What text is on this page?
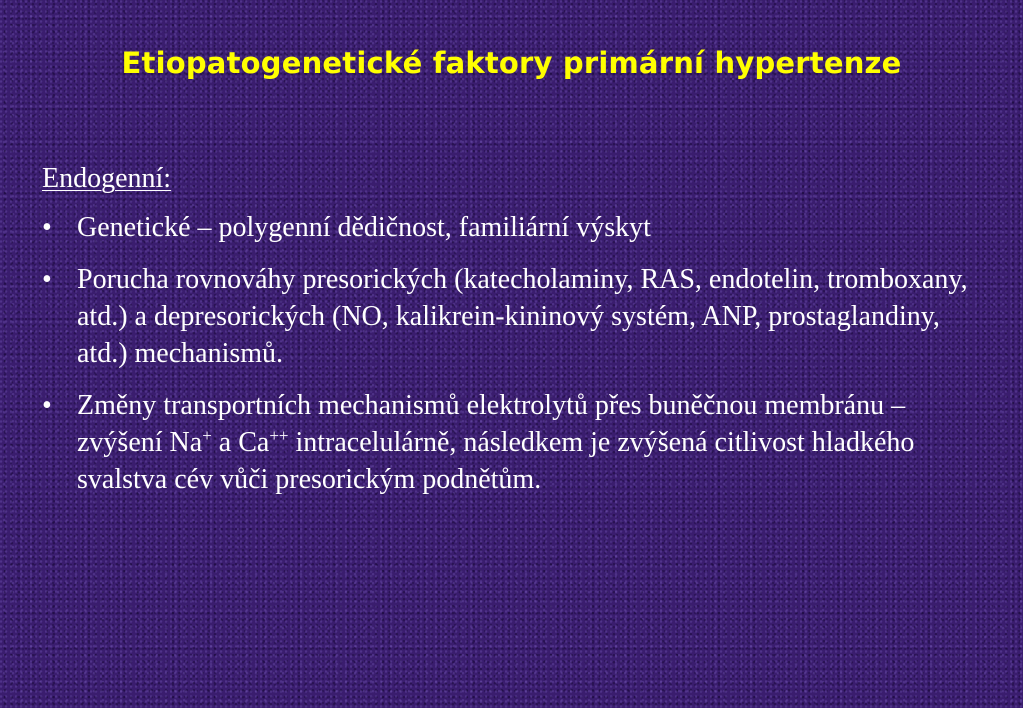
Etiopatogenetické faktory primární hypertenze
Endogenní:
• Genetické – polygenní dědičnost, familiární výskyt
• Porucha rovnováhy presorických (katecholaminy, RAS, endotelin, tromboxany, atd.) a depresorických (NO, kalikrein-kininový systém, ANP, prostaglandiny, atd.) mechanismů.
• Změny transportních mechanismů elektrolytů přes buněčnou membránu – zvýšení Na+ a Ca++ intracelulárně, následkem je zvýšená citlivost hladkého svalstva cév vůči presorickým podnětům.
